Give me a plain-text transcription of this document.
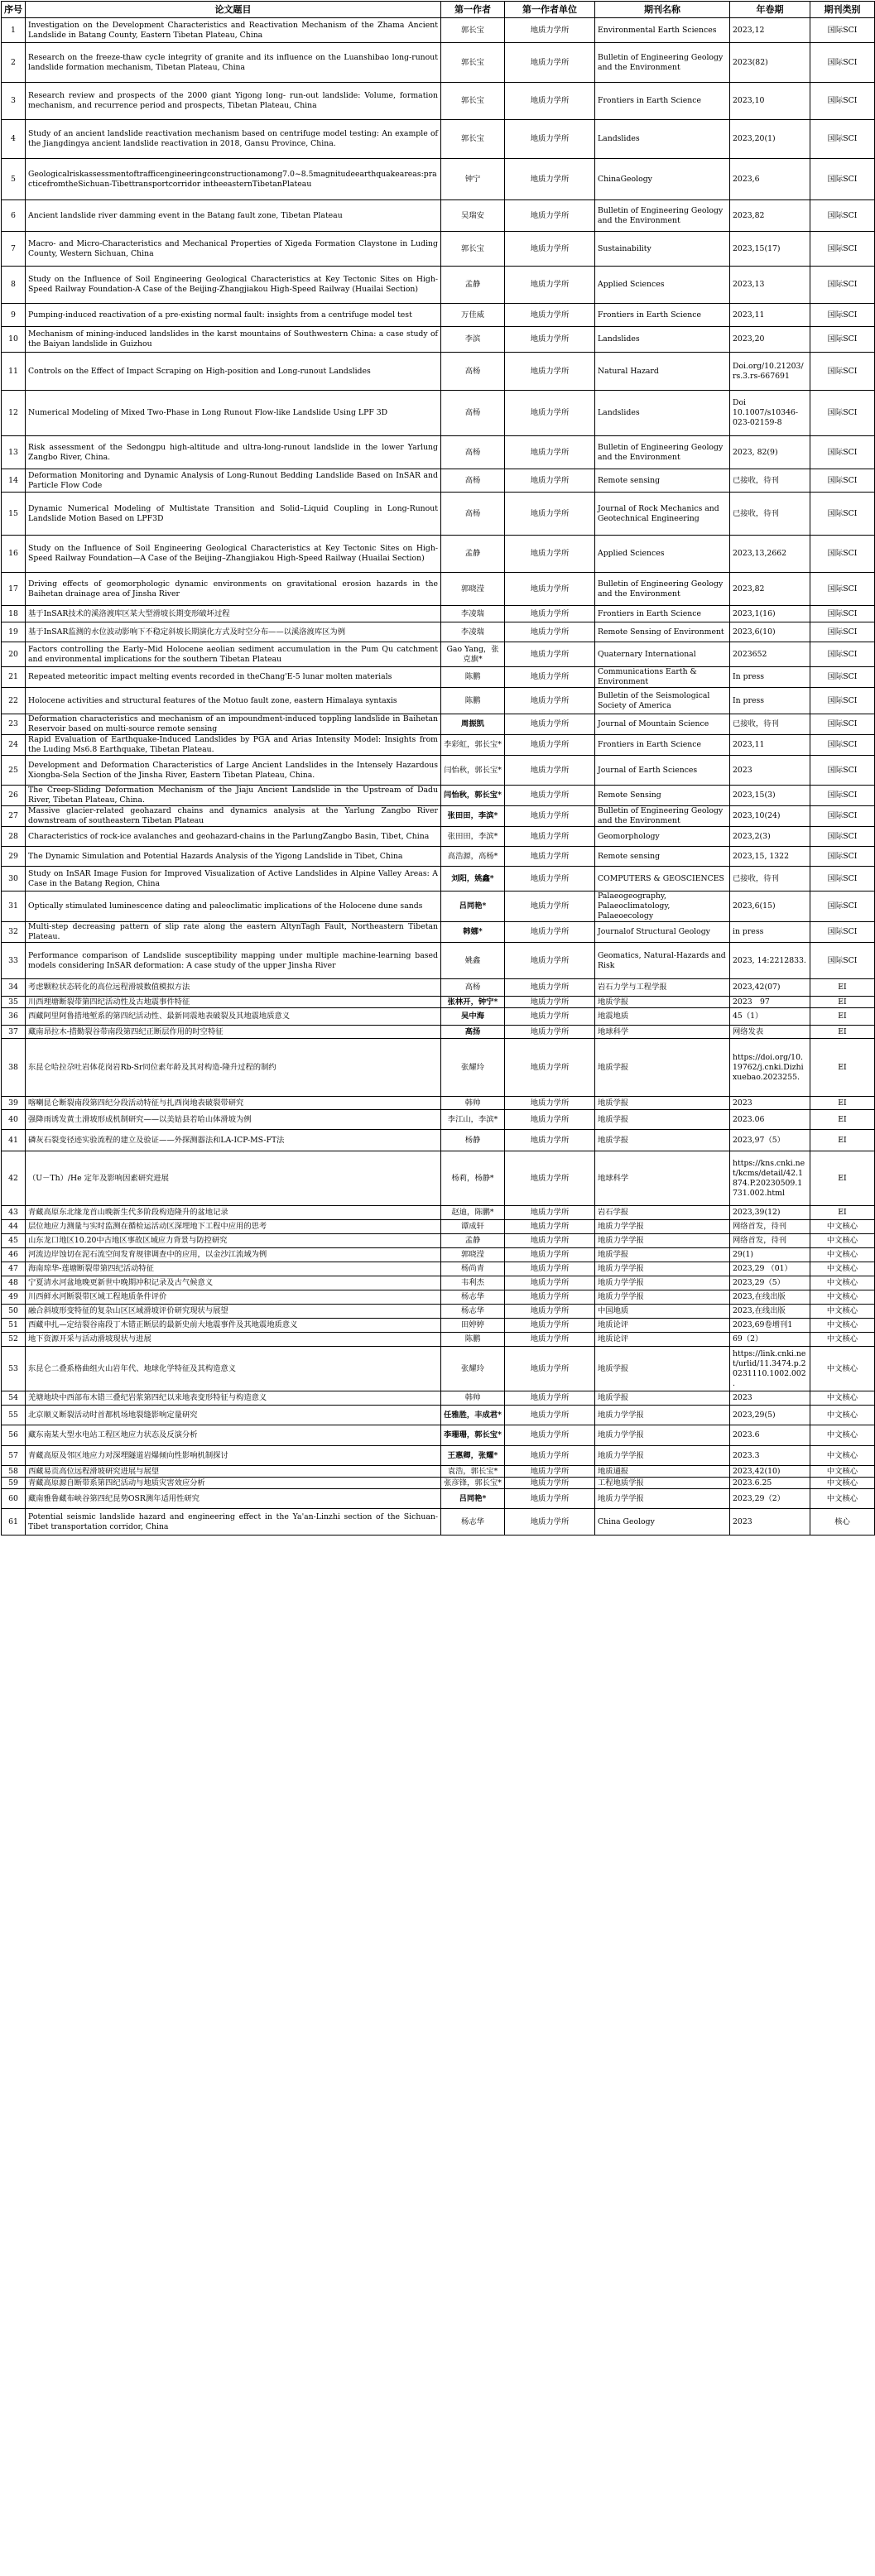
序号	论文题目	第一作者	第一作者单位	期刊名称	年卷期	期刊类别
1	Investigation on the Development Characteristics and Reactivation Mechanism of the Zhama Ancient Landslide in Batang County, Eastern Tibetan Plateau, China	郭长宝	地质力学所	Environmental Earth Sciences	2023,12	国际SCI
2	Research on the freeze-thaw cycle integrity of granite and its influence on the Luanshibao long-runout landslide formation mechanism, Tibetan Plateau, China	郭长宝	地质力学所	Bulletin of Engineering Geology and the Environment	2023(82)	国际SCI
3	Research review and prospects of the 2000 giant Yigong long- run-out landslide: Volume, formation mechanism, and recurrence period and prospects, Tibetan Plateau, China	郭长宝	地质力学所	Frontiers in Earth Science	2023,10	国际SCI
4	Study of an ancient landslide reactivation mechanism based on centrifuge model testing: An example of the Jiangdingya ancient landslide reactivation in 2018, Gansu Province, China.	郭长宝	地质力学所	Landslides	2023,20(1)	国际SCI
5	Geologicalriskassessmentoftrafficengineeringconstructionamong7.0~8.5magnitudeearthquakeareas:practicefromtheSichuan-Tibettransportcorridor intheeasternTibetanPlateau	钟宁	地质力学所	ChinaGeology	2023,6	国际SCI
6	Ancient landslide river damming event in the Batang fault zone, Tibetan Plateau	吴瑞安	地质力学所	Bulletin of Engineering Geology and the Environment	2023,82	国际SCI
7	Macro- and Micro-Characteristics and Mechanical Properties of Xigeda Formation Claystone in Luding County, Western Sichuan, China	郭长宝	地质力学所	Sustainability	2023,15(17)	国际SCI
8	Study on the Influence of Soil Engineering Geological Characteristics at Key Tectonic Sites on High-Speed Railway Foundation-A Case of the Beijing-Zhangjiakou High-Speed Railway (Huailai Section)	孟静	地质力学所	Applied Sciences	2023,13	国际SCI
9	Pumping-induced reactivation of a pre-existing normal fault: insights from a centrifuge model test	万佳威	地质力学所	Frontiers in Earth Science	2023,11	国际SCI
10	Mechanism of mining-induced landslides in the karst mountains of Southwestern China: a case study of the Baiyan landslide in Guizhou	李滨	地质力学所	Landslides	2023,20	国际SCI
11	Controls on the Effect of Impact Scraping on High-position and Long-runout Landslides	高杨	地质力学所	Natural Hazard	Doi.org/10.21203/rs.3.rs-667691	国际SCI
12	Numerical Modeling of Mixed Two-Phase in Long Runout Flow-like Landslide Using LPF 3D	高杨	地质力学所	Landslides	Doi 10.1007/s10346-023-02159-8	国际SCI
13	Risk assessment of the Sedongpu high-altitude and ultra-long-runout landslide in the lower Yarlung Zangbo River, China.	高杨	地质力学所	Bulletin of Engineering Geology and the Environment	2023, 82(9)	国际SCI
14	Deformation Monitoring and Dynamic Analysis of Long-Runout Bedding Landslide Based on InSAR and Particle Flow Code	高杨	地质力学所	Remote sensing	已接收，待刊	国际SCI
15	Dynamic Numerical Modeling of Multistate Transition and Solid–Liquid Coupling in Long-Runout Landslide Motion Based on LPF3D	高杨	地质力学所	Journal of Rock Mechanics and Geotechnical Engineering	已接收，待刊	国际SCI
16	Study on the Influence of Soil Engineering Geological Characteristics at Key Tectonic Sites on High-Speed Railway Foundation—A Case of the Beijing–Zhangjiakou High-Speed Railway (Huailai Section)	孟静	地质力学所	Applied Sciences	2023,13,2662	国际SCI
17	Driving effects of geomorphologic dynamic environments on gravitational erosion hazards in the Baihetan drainage area of Jinsha River	郭晓滢	地质力学所	Bulletin of Engineering Geology and the Environment	2023,82	国际SCI
18	基于InSAR技术的溪洛渡库区某大型滑坡长期变形破坏过程	李凌瑞	地质力学所	Frontiers in Earth Science	2023,1(16)	国际SCI
19	基于InSAR监测的水位波动影响下不稳定斜坡长期演化方式及时空分布——以溪洛渡库区为例	李凌瑞	地质力学所	Remote Sensing of Environment	2023,6(10)	国际SCI
20	Factors controlling the Early–Mid Holocene aeolian sediment accumulation in the Pum Qu catchment and environmental implications for the southern Tibetan Plateau	Gao Yang，张克旗*	地质力学所	Quaternary International	2023652	国际SCI
21	Repeated meteoritic impact melting events recorded in theChang'E-5 lunar molten materials	陈鹏	地质力学所	Communications Earth & Environment	In press	国际SCI
22	Holocene activities and structural features of the Motuo fault zone, eastern Himalaya syntaxis	陈鹏	地质力学所	Bulletin of the Seismological Society of America	In press	国际SCI
23	Deformation characteristics and mechanism of an impoundment-induced toppling landslide in Baihetan Reservoir based on multi-source remote sensing	周振凯	地质力学所	Journal of Mountain Science	已接收，待刊	国际SCI
24	Rapid Evaluation of Earthquake-Induced Landslides by PGA and Arias Intensity Model: Insights from the Luding Ms6.8 Earthquake, Tibetan Plateau.	李彩虹，郭长宝*	地质力学所	Frontiers in Earth Science	2023,11	国际SCI
25	Development and Deformation Characteristics of Large Ancient Landslides in the Intensely Hazardous Xiongba-Sela Section of the Jinsha River, Eastern Tibetan Plateau, China.	闫怡秋，郭长宝*	地质力学所	Journal of Earth Sciences	2023	国际SCI
26	The Creep-Sliding Deformation Mechanism of the Jiaju Ancient Landslide in the Upstream of Dadu River, Tibetan Plateau, China.	闫怡秋，郭长宝*	地质力学所	Remote Sensing	2023,15(3)	国际SCI
27	Massive glacier-related geohazard chains and dynamics analysis at the Yarlung Zangbo River downstream of southeastern Tibetan Plateau	张田田，李滨*	地质力学所	Bulletin of Engineering Geology and the Environment	2023,10(24)	国际SCI
28	Characteristics of rock-ice avalanches and geohazard-chains in the ParlungZangbo Basin, Tibet, China	张田田，李滨*	地质力学所	Geomorphology	2023,2(3)	国际SCI
29	The Dynamic Simulation and Potential Hazards Analysis of the Yigong Landslide in Tibet, China	高浩源，高杨*	地质力学所	Remote sensing	2023,15, 1322	国际SCI
30	Study on InSAR Image Fusion for Improved Visualization of Active Landslides in Alpine Valley Areas: A Case in the Batang Region, China	刘阳，姚鑫*	地质力学所	COMPUTERS & GEOSCIENCES	已接收，待刊	国际SCI
31	Optically stimulated luminescence dating and paleoclimatic implications of the Holocene dune sands	吕同艳*	地质力学所	Palaeogeography, Palaeoclimatology, Palaeoecology	2023,6(15)	国际SCI
32	Multi-step decreasing pattern of slip rate along the eastern AltynTagh Fault, Northeastern Tibetan Plateau.	韩娜*	地质力学所	Journalof Structural Geology	in press	国际SCI
33	Performance comparison of Landslide susceptibility mapping under multiple machine-learning based models considering InSAR deformation: A case study of the upper Jinsha River	姚鑫	地质力学所	Geomatics, Natural-Hazards and Risk	2023, 14:2212833.	国际SCI
34	考虑颗粒状态转化的高位远程滑坡数值模拟方法	高杨	地质力学所	岩石力学与工程学报	2023,42(07)	EI
35	川西理塘断裂带第四纪活动性及古地震事件特征	张林开，钟宁*	地质力学所	地质学报	2023　97	EI
36	西藏阿里阿鲁措地堑系的第四纪活动性、最新同震地表破裂及其地震地质意义	吴中海	地质力学所	地震地质	45（1）	EI
37	藏南昂拉木-措勤裂谷带南段第四纪正断层作用的时空特征	高扬	地质力学所	地球科学	网络发表	EI
38	东昆仑哈拉尕吐岩体花岗岩Rb-Sr同位素年龄及其对构造-隆升过程的制约	张耀玲	地质力学所	地质学报	https://doi.org/10.19762/j.cnki.Dizhixuebao.2023255.	EI
39	喀喇昆仑断裂南段第四纪分段活动特征与扎西岗地表破裂带研究	韩帅	地质力学所	地质学报	2023	EI
40	强降雨诱发黄土滑坡形成机制研究——以美姑县若哈山体滑坡为例	李江山，李滨*	地质力学所	地质学报	2023.06	EI
41	磷灰石裂变径迹实验流程的建立及验证——外探测器法和LA-ICP-MS-FT法	杨静	地质力学所	地质学报	2023,97（5）	EI
42	（U－Th）/He 定年及影响因素研究进展	杨莉，杨静*	地质力学所	地球科学	https://kns.cnki.net/kcms/detail/42.1874.P.20230509.1731.002.html	EI
43	青藏高原东北缘龙首山晚新生代多阶段构造隆升的盆地记录	赵迪，陈鹏*	地质力学所	岩石学报	2023,39(12)	EI
44	层位地应力测量与实时监测在循检运活动区深埋地下工程中应用的思考	谭成轩	地质力学所	地质力学学报	网络首发，待刊	中文核心
45	山东龙口地区10.20中古地区事故区域应力背景与防控研究	孟静	地质力学所	地质力学学报	网络首发，待刊	中文核心
46	河流边岸蚀切在泥石流空间发育规律调查中的应用，以金沙江流域为例	郭晓滢	地质力学所	地质学报	29(1)	中文核心
47	海南琼华-莲塘断裂带第四纪活动特征	杨尚青	地质力学所	地质力学学报	2023,29 （01）	中文核心
48	宁夏清水河盆地晚更新世中晚期冲积记录及古气候意义	韦利杰	地质力学所	地质力学学报	2023,29（5）	中文核心
49	川西鲜水河断裂带区域工程地质条件评价	杨志华	地质力学所	地质力学学报	2023,在线出版	中文核心
50	融合斜坡形变特征的复杂山区区域滑坡评价研究现状与展望	杨志华	地质力学所	中国地质	2023,在线出版	中文核心
51	西藏申扎—定结裂谷南段丁木错正断层的最新史前大地震事件及其地震地质意义	田婷婷	地质力学所	地质论评	2023,69卷增刊1	中文核心
52	地下资源开采与活动滑坡现状与进展	陈鹏	地质力学所	地质论评	69（2）	中文核心
53	东昆仑二叠系格曲组火山岩年代、地球化学特征及其构造意义	张耀玲	地质力学所	地质学报	https://link.cnki.net/urlid/11.3474.p.20231110.1002.002.	中文核心
54	羌塘地块中西部布木错三叠纪岩浆第四纪以来地表变形特征与构造意义	韩帅	地质力学所	地质学报	2023	中文核心
55	北京顺义断裂活动时首都机场地裂缝影响定量研究	任雅胜，丰成君*	地质力学所	地质力学学报	2023,29(5)	中文核心
56	藏东南某大型水电站工程区地应力状态及反演分析	李珊珊，郭长宝*	地质力学所	地质力学学报	2023.6	中文核心
57	青藏高原及邻区地应力对深埋隧道岩爆倾向性影响机制探讨	王惠卿，张耀*	地质力学所	地质力学学报	2023.3	中文核心
58	西藏易贡高位远程滑坡研究进展与展望	袁浩，郭长宝*	地质力学所	地质通报	2023,42(10)	中文核心
59	青藏高原源自断带系第四纪活动与地质灾害效应分析	张彦锋，郭长宝*	地质力学所	工程地质学报	2023.6.25	中文核心
60	藏南雅鲁藏布峡谷第四纪昆势OSR测年适用性研究	吕同艳*	地质力学所	地质力学学报	2023,29（2）	中文核心
61	Potential seismic landslide hazard and engineering effect in the Ya'an-Linzhi section of the Sichuan-Tibet transportation corridor, China	杨志华	地质力学所	China Geology	2023	核心
